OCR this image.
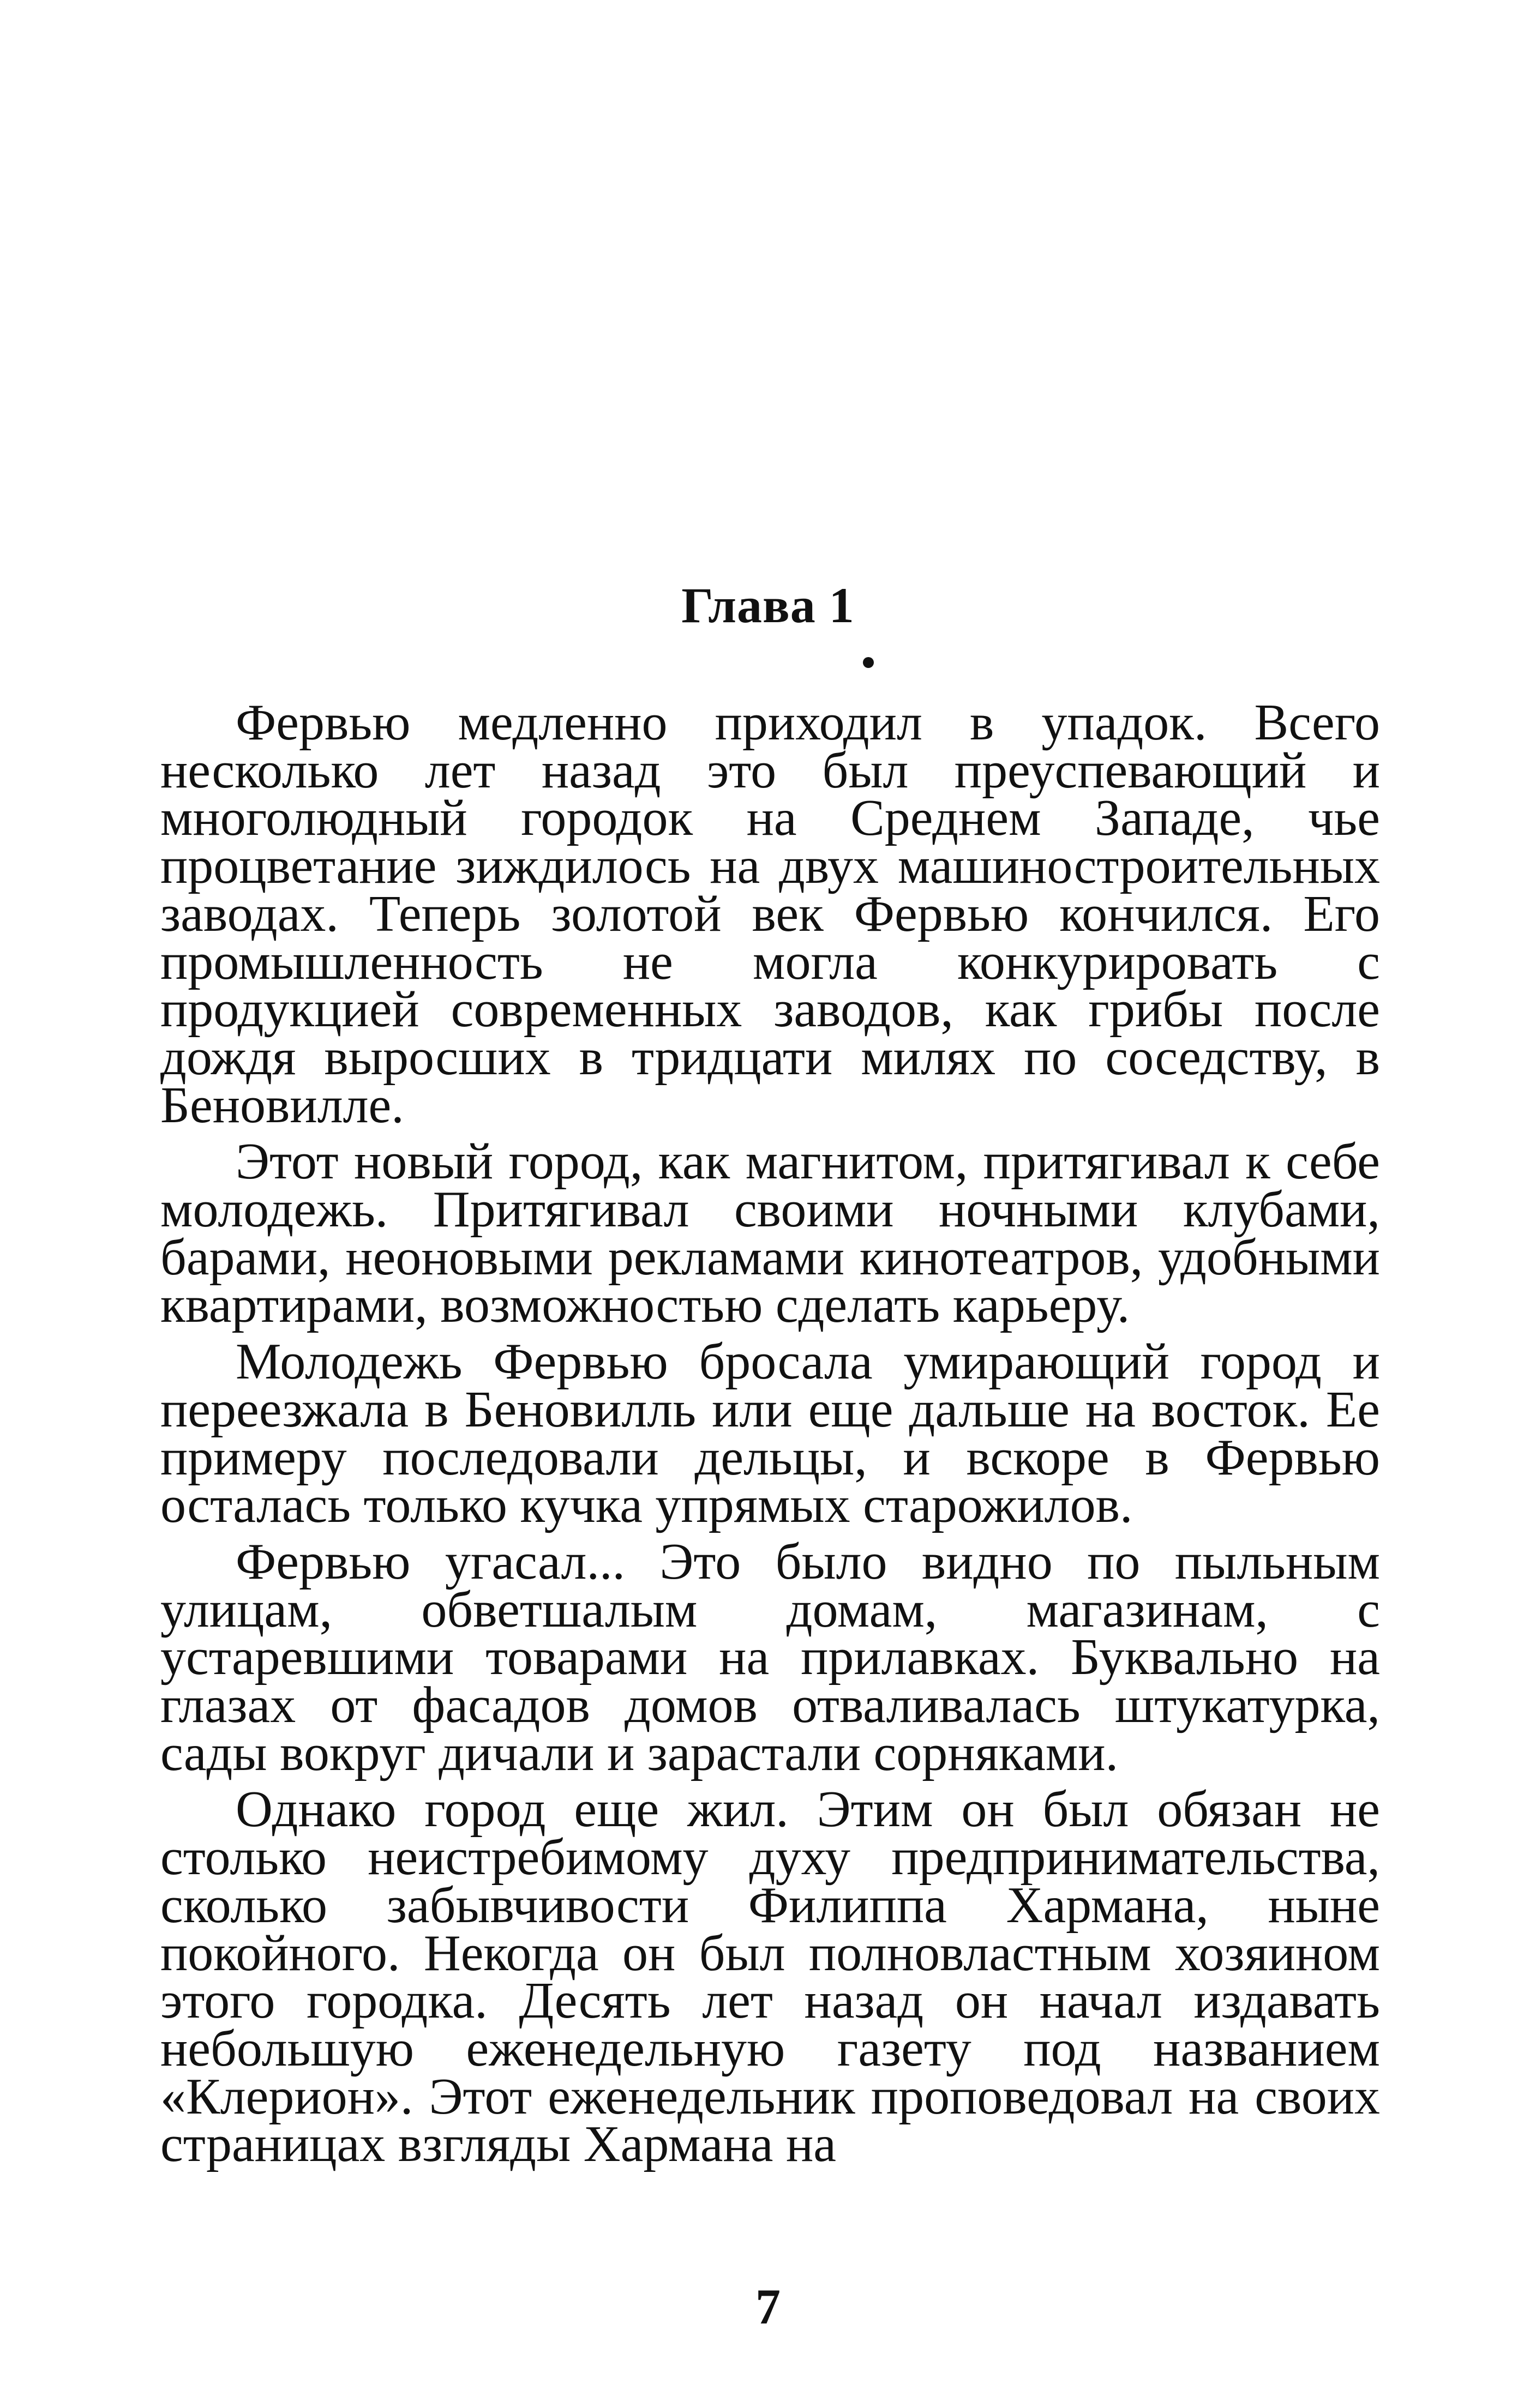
Глава 1

Фервью медленно приходил в упадок. Всего несколько лет назад это был преуспевающий и многолюдный городок на Среднем Западе, чье процветание зиждилось на двух машиностроительных заводах. Теперь золотой век Фервью кончился. Его промышленность не могла конкурировать с продукцией современных заводов, как грибы после дождя выросших в тридцати милях по соседству, в Беновилле.

Этот новый город, как магнитом, притягивал к себе молодежь. Притягивал своими ночными клубами, барами, неоновыми рекламами кинотеатров, удобными квартирами, возможностью сделать карьеру.

Молодежь Фервью бросала умирающий город и переезжала в Беновилль или еще дальше на восток. Ее примеру последовали дельцы, и вскоре в Фервью осталась только кучка упрямых старожилов.

Фервью угасал... Это было видно по пыльным улицам, обветшалым домам, магазинам, с устаревшими товарами на прилавках. Буквально на глазах от фасадов домов отваливалась штукатурка, сады вокруг дичали и зарастали сорняками.

Однако город еще жил. Этим он был обязан не столько неистребимому духу предпринимательства, сколько забывчивости Филиппа Хармана, ныне покойного. Некогда он был полновластным хозяином этого городка. Десять лет назад он начал издавать небольшую еженедельную газету под названием «Клерион». Этот еженедельник проповедовал на своих страницах взгляды Хармана на

7
